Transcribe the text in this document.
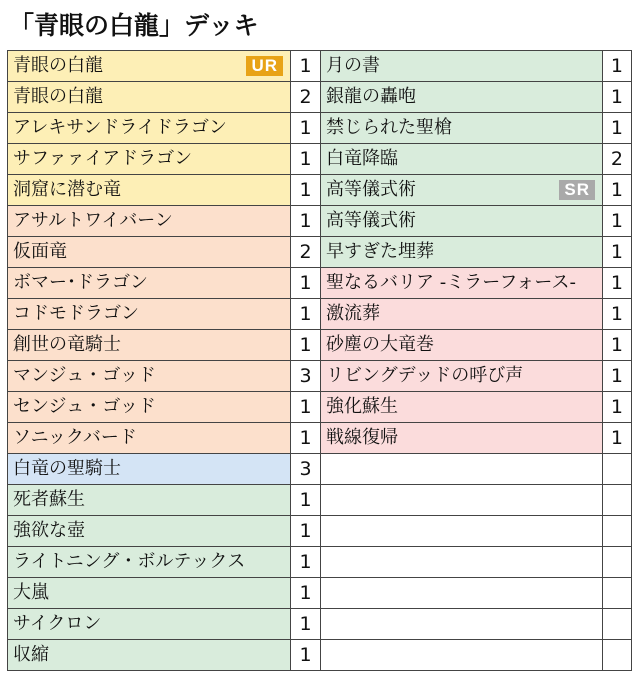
「青眼の白龍」デッキ
青眼の白龍 UR	1	月の書	1
青眼の白龍	2	銀龍の轟咆	1
アレキサンドライドラゴン	1	禁じられた聖槍	1
サファァイアドラゴン	1	白竜降臨	2
洞窟に潜む竜	1	高等儀式術 SR	1
アサルトワイバーン	1	高等儀式術	1
仮面竜	2	早すぎた埋葬	1
ボマー･ドラゴン	1	聖なるバリア -ミラーフォース-	1
コドモドラゴン	1	激流葬	1
創世の竜騎士	1	砂塵の大竜巻	1
マンジュ・ゴッド	3	リビングデッドの呼び声	1
センジュ・ゴッド	1	強化蘇生	1
ソニックバード	1	戦線復帰	1
白竜の聖騎士	3		
死者蘇生	1		
強欲な壺	1		
ライトニング・ボルテックス	1		
大嵐	1		
サイクロン	1		
収縮	1		
